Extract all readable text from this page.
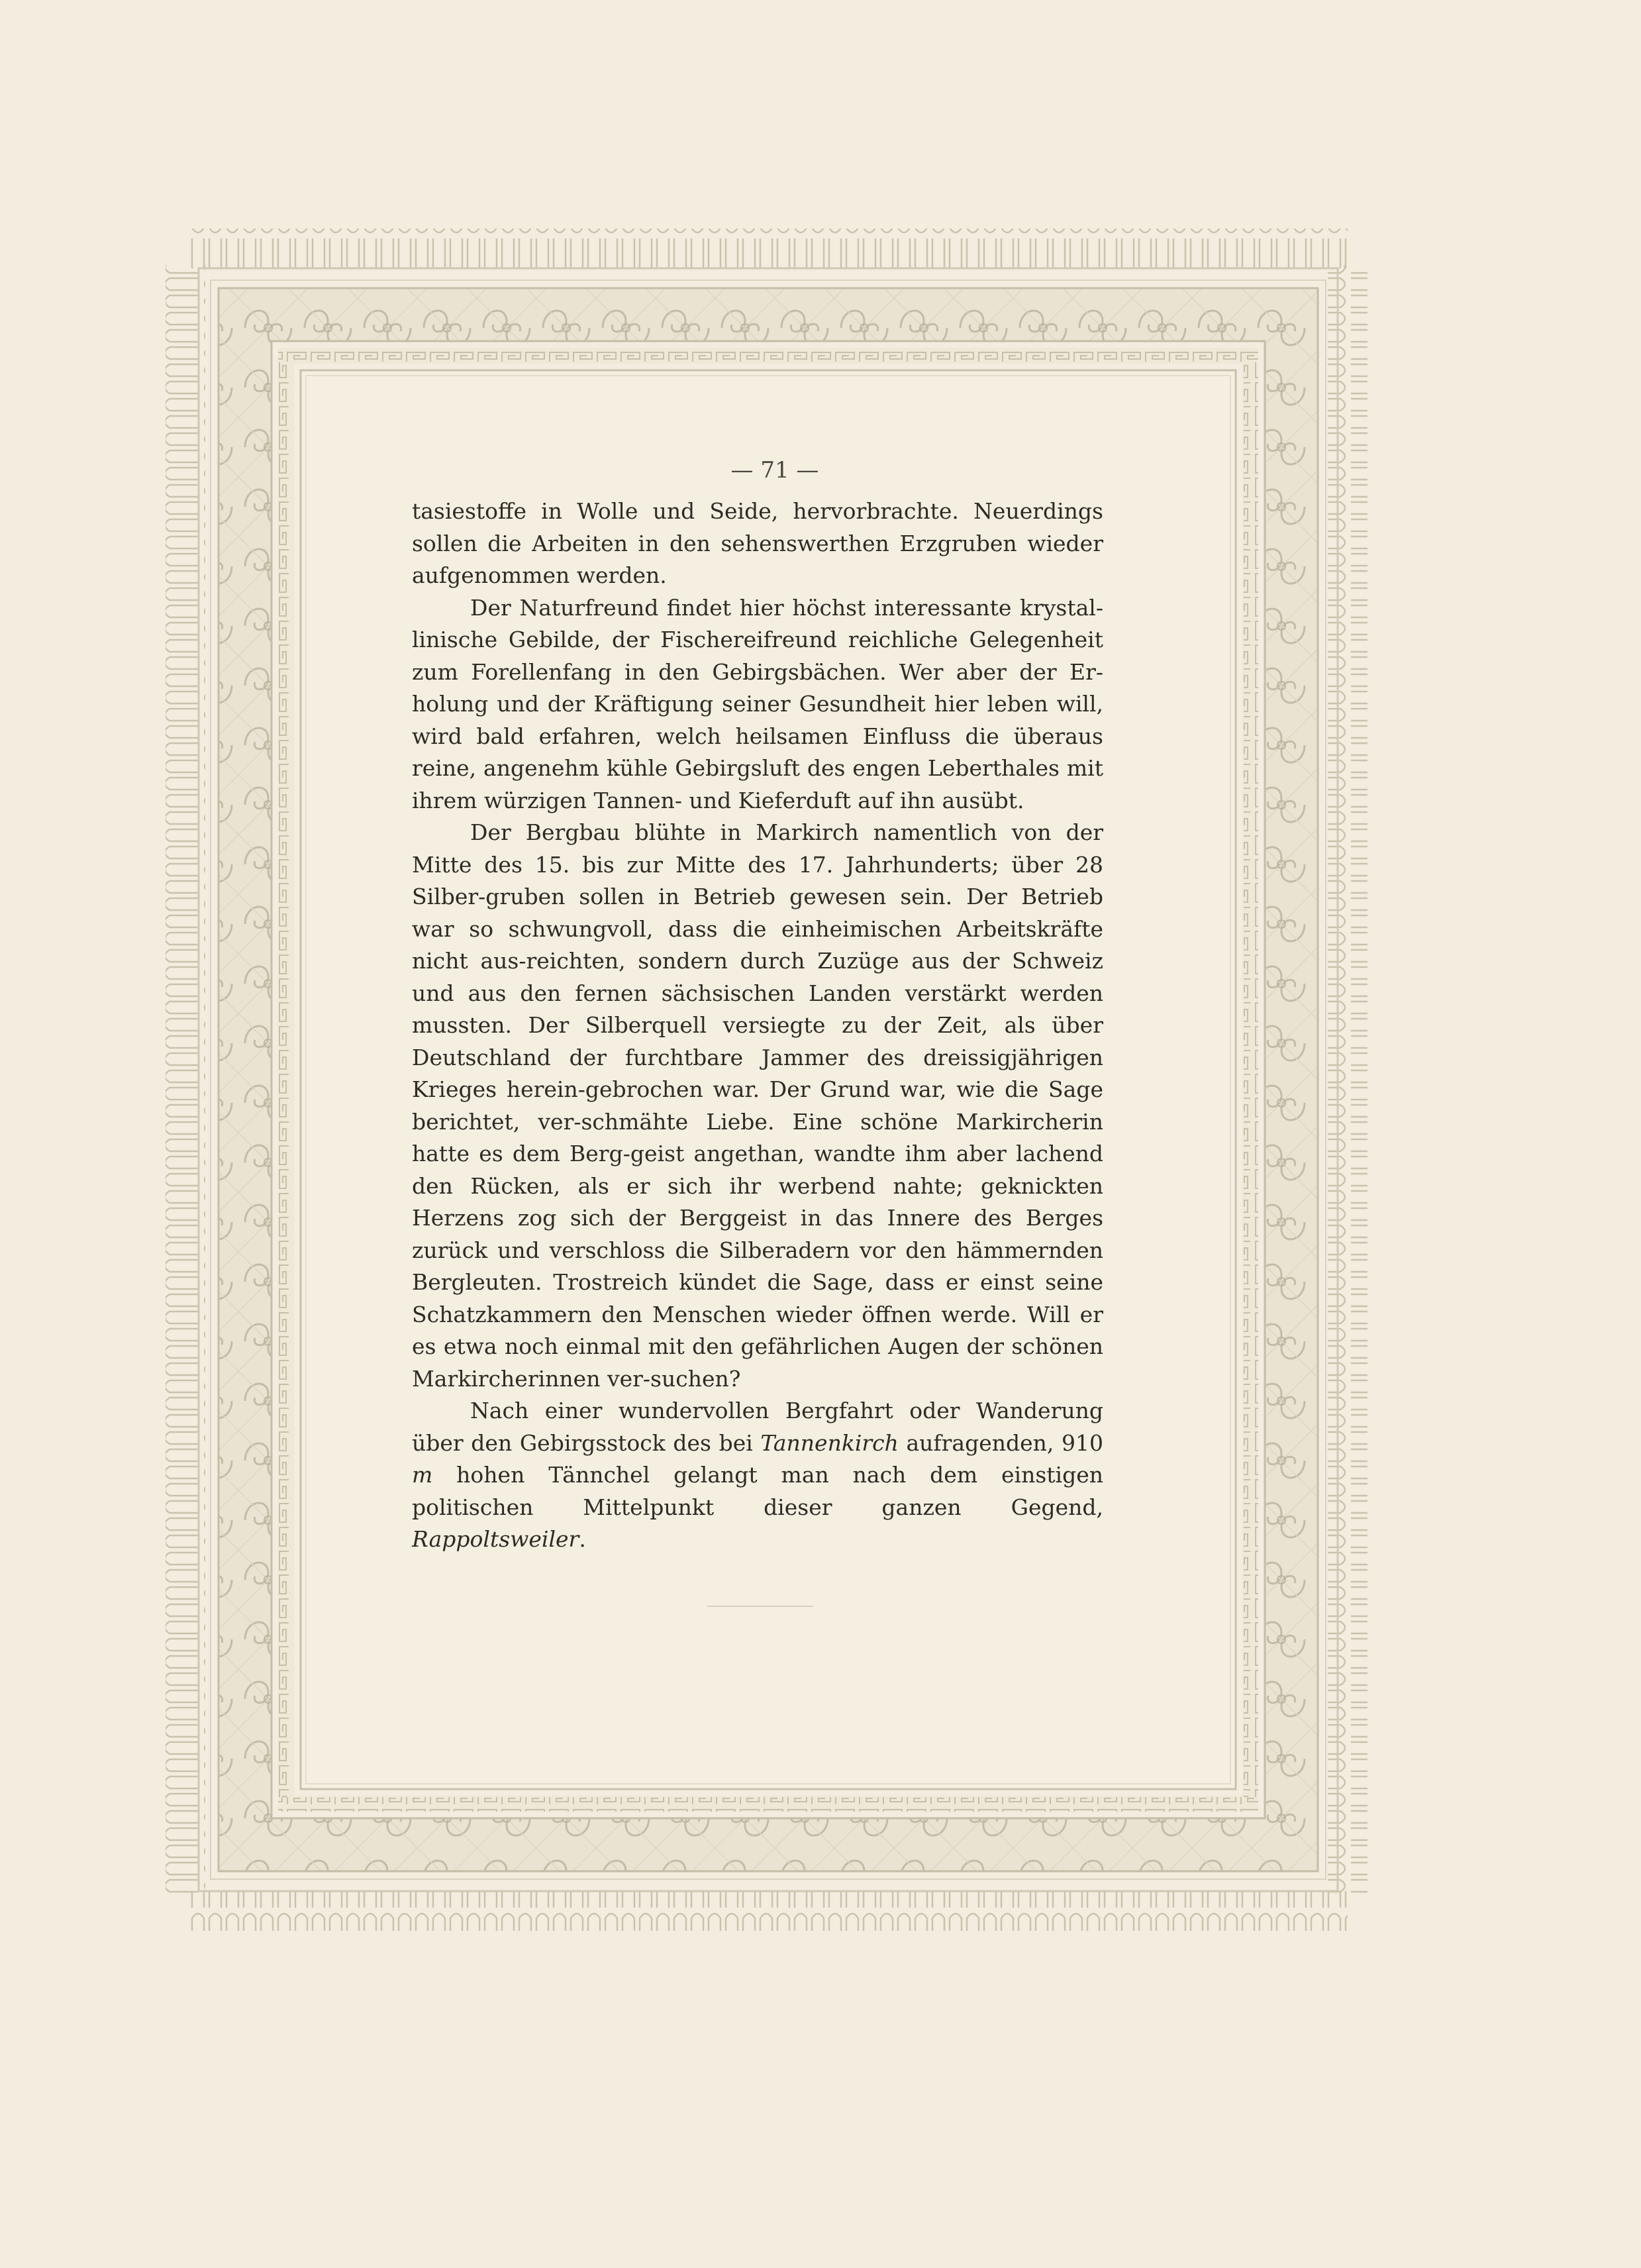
— 71 —

tasiestoffe in Wolle und Seide, hervorbrachte. Neuerdings sollen die Arbeiten in den sehenswerthen Erzgruben wieder aufgenommen werden.

Der Naturfreund findet hier höchst interessante krystal-linische Gebilde, der Fischereifreund reichliche Gelegenheit zum Forellenfang in den Gebirgsbächen. Wer aber der Er-holung und der Kräftigung seiner Gesundheit hier leben will, wird bald erfahren, welch heilsamen Einfluss die überaus reine, angenehm kühle Gebirgsluft des engen Leberthales mit ihrem würzigen Tannen- und Kieferduft auf ihn ausübt.

Der Bergbau blühte in Markirch namentlich von der Mitte des 15. bis zur Mitte des 17. Jahrhunderts; über 28 Silber-gruben sollen in Betrieb gewesen sein. Der Betrieb war so schwungvoll, dass die einheimischen Arbeitskräfte nicht aus-reichten, sondern durch Zuzüge aus der Schweiz und aus den fernen sächsischen Landen verstärkt werden mussten. Der Silberquell versiegte zu der Zeit, als über Deutschland der furchtbare Jammer des dreissigjährigen Krieges herein-gebrochen war. Der Grund war, wie die Sage berichtet, ver-schmähte Liebe. Eine schöne Markircherin hatte es dem Berg-geist angethan, wandte ihm aber lachend den Rücken, als er sich ihr werbend nahte; geknickten Herzens zog sich der Berggeist in das Innere des Berges zurück und verschloss die Silberadern vor den hämmernden Bergleuten. Trostreich kündet die Sage, dass er einst seine Schatzkammern den Menschen wieder öffnen werde. Will er es etwa noch einmal mit den gefährlichen Augen der schönen Markircherinnen ver-suchen?

Nach einer wundervollen Bergfahrt oder Wanderung über den Gebirgsstock des bei Tannenkirch aufragenden, 910 m hohen Tännchel gelangt man nach dem einstigen politischen Mittelpunkt dieser ganzen Gegend, Rappoltsweiler.
